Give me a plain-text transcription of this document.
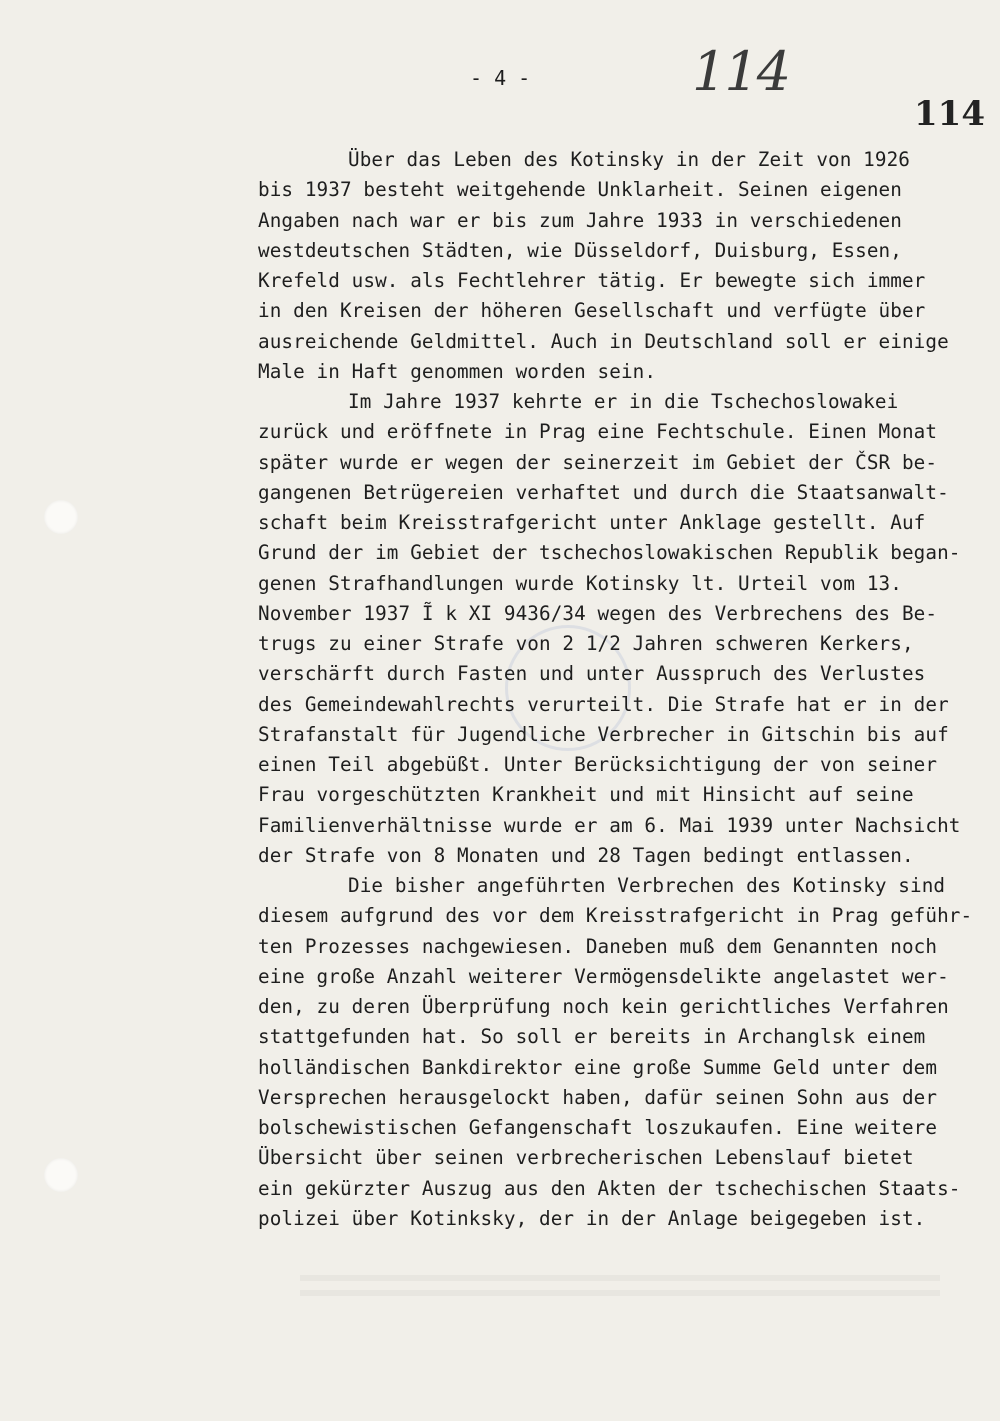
- 4 -	114
114
Über das Leben des Kotinsky in der Zeit von 1926
bis 1937 besteht weitgehende Unklarheit. Seinen eigenen
Angaben nach war er bis zum Jahre 1933 in verschiedenen
westdeutschen Städten, wie Düsseldorf, Duisburg, Essen,
Krefeld usw. als Fechtlehrer tätig. Er bewegte sich immer
in den Kreisen der höheren Gesellschaft und verfügte über
ausreichende Geldmittel. Auch in Deutschland soll er einige
Male in Haft genommen worden sein.
Im Jahre 1937 kehrte er in die Tschechoslowakei
zurück und eröffnete in Prag eine Fechtschule. Einen Monat
später wurde er wegen der seinerzeit im Gebiet der ČSR be-
gangenen Betrügereien verhaftet und durch die Staatsanwalt-
schaft beim Kreisstrafgericht unter Anklage gestellt. Auf
Grund der im Gebiet der tschechoslowakischen Republik began-
genen Strafhandlungen wurde Kotinsky lt. Urteil vom 13.
November 1937 Ĩ k XI 9436/34 wegen des Verbrechens des Be-
trugs zu einer Strafe von 2 1/2 Jahren schweren Kerkers,
verschärft durch Fasten und unter Ausspruch des Verlustes
des Gemeindewahlrechts verurteilt. Die Strafe hat er in der
Strafanstalt für Jugendliche Verbrecher in Gitschin bis auf
einen Teil abgebüßt. Unter Berücksichtigung der von seiner
Frau vorgeschützten Krankheit und mit Hinsicht auf seine
Familienverhältnisse wurde er am 6. Mai 1939 unter Nachsicht
der Strafe von 8 Monaten und 28 Tagen bedingt entlassen.
Die bisher angeführten Verbrechen des Kotinsky sind
diesem aufgrund des vor dem Kreisstrafgericht in Prag geführ-
ten Prozesses nachgewiesen. Daneben muß dem Genannten noch
eine große Anzahl weiterer Vermögensdelikte angelastet wer-
den, zu deren Überprüfung noch kein gerichtliches Verfahren
stattgefunden hat. So soll er bereits in Archanglsk einem
holländischen Bankdirektor eine große Summe Geld unter dem
Versprechen herausgelockt haben, dafür seinen Sohn aus der
bolschewistischen Gefangenschaft loszukaufen. Eine weitere
Übersicht über seinen verbrecherischen Lebenslauf bietet
ein gekürzter Auszug aus den Akten der tschechischen Staats-
polizei über Kotinksky, der in der Anlage beigegeben ist.
